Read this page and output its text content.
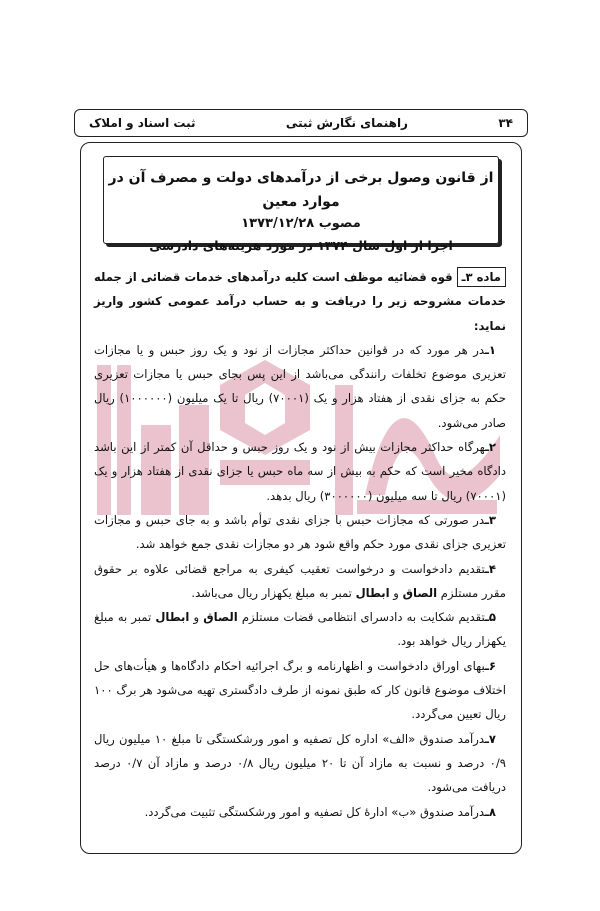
۳۴
راهنمای نگارش ثبتی
ثبت اسناد و املاک
از قانون وصول برخی از درآمدهای دولت و مصرف آن در موارد معین
مصوب ۱۳۷۳/۱۲/۲۸
اجرا از اول سال ۱۳۷۴ در مورد هزینه‌های دادرسی

ماده ۳ـقوه قضائیه موظف است کلیه درآمدهای خدمات قضائی از جمله خدمات مشروحه زیر را دریافت و به حساب درآمد عمومی کشور واریز نماید:

۱ـدر هر مورد که در قوانین حداکثر مجازات از نود و یک روز حبس و یا مجازات تعزیری موضوع تخلفات رانندگی می‌باشد از این پس بجای حبس یا مجازات تعزیری حکم به جزای نقدی از هفتاد هزار و یک (۷۰۰۰۱) ریال تا یک میلیون (۱۰۰۰۰۰۰) ریال صادر می‌شود.

۲ـهرگاه حداکثر مجازات بیش از نود و یک روز حبس و حداقل آن کمتر از این باشد دادگاه مخیر است که حکم به بیش از سه ماه حبس یا جزای نقدی از هفتاد هزار و یک (۷۰۰۰۱) ریال تا سه میلیون (۳۰۰۰۰۰۰) ریال بدهد.

۳ـدر صورتی که مجازات حبس با جزای نقدی توأم باشد و به جای حبس و مجازات تعزیری جزای نقدی مورد حکم واقع شود هر دو مجازات نقدی جمع خواهد شد.

۴ـتقدیم دادخواست و درخواست تعقیب کیفری به مراجع قضائی علاوه بر حقوق مقرر مستلزم الصاق و ابطال تمبر به مبلغ یکهزار ریال می‌باشد.

۵ـتقدیم شکایت به دادسرای انتظامی قضات مستلزم الصاق و ابطال تمبر به مبلغ یکهزار ریال خواهد بود.

۶ـبهای اوراق دادخواست و اظهارنامه و برگ اجرائیه احکام دادگاه‌ها و هیأت‌های حل اختلاف موضوع قانون کار که طبق نمونه از طرف دادگستری تهیه می‌شود هر برگ ۱۰۰ ریال تعیین می‌گردد.

۷ـدرآمد صندوق «الف» اداره کل تصفیه و امور ورشکستگی تا مبلغ ۱۰ میلیون ریال ۰/۹ درصد و نسبت به مازاد آن تا ۲۰ میلیون ریال ۰/۸ درصد و مازاد آن ۰/۷ درصد دریافت می‌شود.

۸ـدرآمد صندوق «ب» ادارهٔ کل تصفیه و امور ورشکستگی تثبیت می‌گردد.
